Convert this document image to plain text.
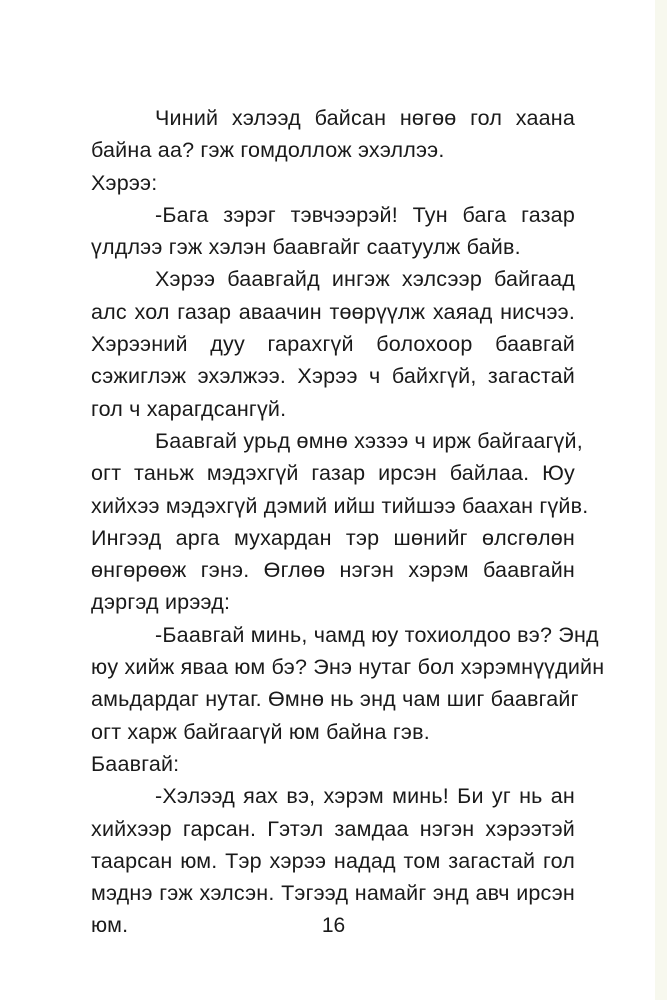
Чиний хэлээд байсан нөгөө гол хаана
байна аа? гэж гомдоллож эхэллээ.
Хэрээ:
-Бага зэрэг тэвчээрэй! Тун бага газар
үлдлээ гэж хэлэн баавгайг саатуулж байв.
Хэрээ баавгайд ингэж хэлсээр байгаад
алс хол газар аваачин төөрүүлж хаяад нисчээ.
Хэрээний дуу гарахгүй болохоор баавгай
сэжиглэж эхэлжээ. Хэрээ ч байхгүй, загастай
гол ч харагдсангүй.
Баавгай урьд өмнө хэзээ ч ирж байгаагүй,
огт таньж мэдэхгүй газар ирсэн байлаа. Юу
хийхээ мэдэхгүй дэмий ийш тийшээ баахан гүйв.
Ингээд арга мухардан тэр шөнийг өлсгөлөн
өнгөрөөж гэнэ. Өглөө нэгэн хэрэм баавгайн
дэргэд ирээд:
-Баавгай минь, чамд юу тохиолдоо вэ? Энд
юу хийж яваа юм бэ? Энэ нутаг бол хэрэмнүүдийн
амьдардаг нутаг. Өмнө нь энд чам шиг баавгайг
огт харж байгаагүй юм байна гэв.
Баавгай:
-Хэлээд яах вэ, хэрэм минь! Би уг нь ан
хийхээр гарсан. Гэтэл замдаа нэгэн хэрээтэй
таарсан юм. Тэр хэрээ надад том загастай гол
мэднэ гэж хэлсэн. Тэгээд намайг энд авч ирсэн
юм.	16
